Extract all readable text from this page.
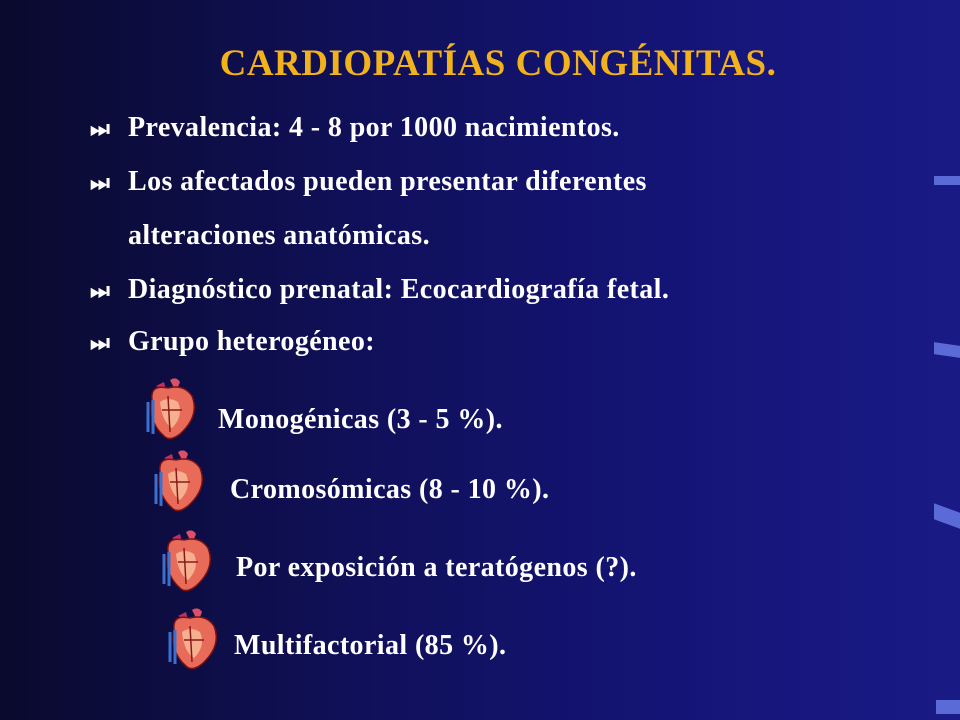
CARDIOPATÍAS CONGÉNITAS.
⏭ Prevalencia: 4 - 8 por 1000 nacimientos.
⏭ Los afectados pueden presentar diferentes
alteraciones anatómicas.
⏭ Diagnóstico prenatal: Ecocardiografía fetal.
⏭ Grupo heterogéneo:
Monogénicas (3 - 5 %).
Cromosómicas (8 - 10 %).
Por exposición a teratógenos (?).
Multifactorial (85 %).
